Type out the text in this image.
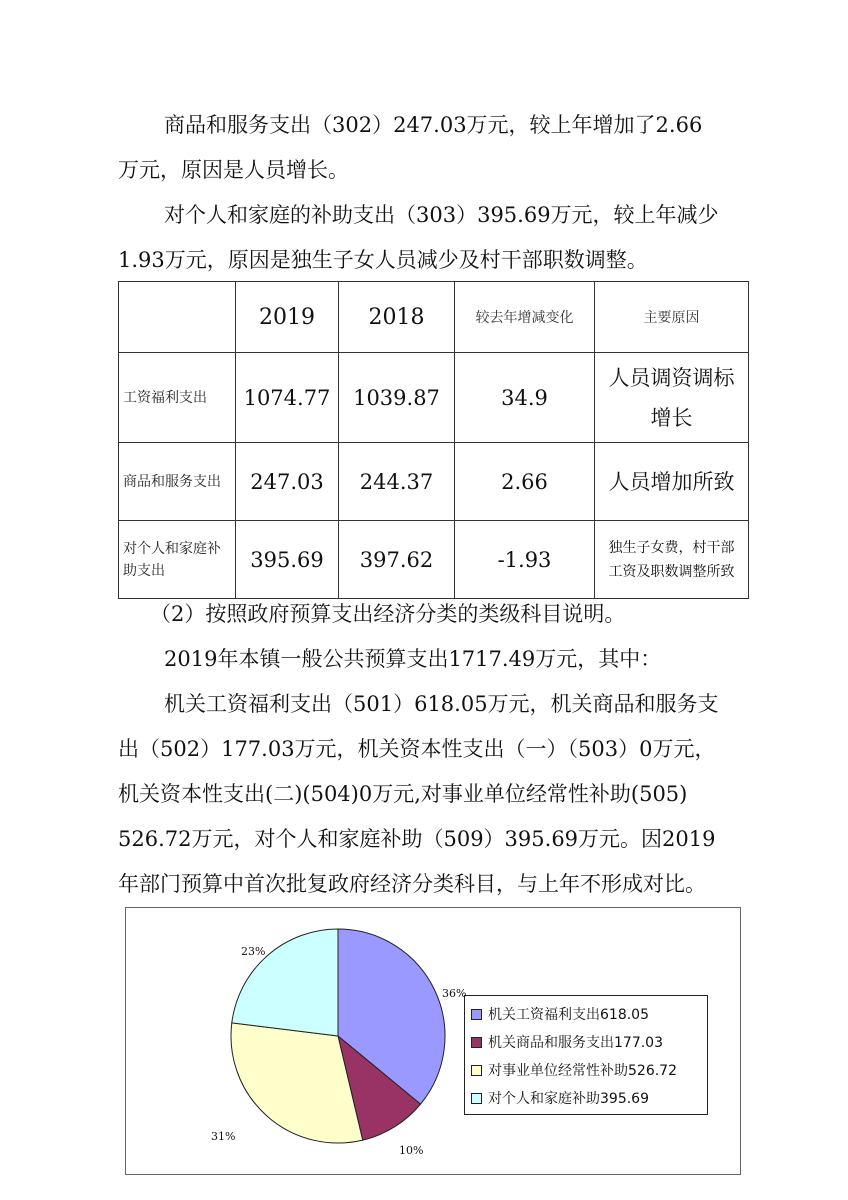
商品和服务支出（302）247.03万元，较上年增加了2.66

万元，原因是人员增长。

对个人和家庭的补助支出（303）395.69万元，较上年减少

1.93万元，原因是独生子女人员减少及村干部职数调整。

	2019	2018	较去年增减变化	主要原因
工资福利支出	1074.77	1039.87	34.9	人员调资调标
增长

商品和服务支出	247.03	244.37	2.66	人员增加所致

对个人和家庭补助支出	395.69	397.62	-1.93	独生子女费，村干部
工资及职数调整所致

（2）按照政府预算支出经济分类的类级科目说明。

2019年本镇一般公共预算支出1717.49万元，其中：

机关工资福利支出（501）618.05万元，机关商品和服务支

出（502）177.03万元，机关资本性支出（一）（503）0万元，

机关资本性支出(二)(504)0万元,对事业单位经常性补助(505)

526.72万元，对个人和家庭补助（509）395.69万元。因2019

年部门预算中首次批复政府经济分类科目，与上年不形成对比。

机关工资福利支出618.05
机关商品和服务支出177.03
对事业单位经常性补助526.72
对个人和家庭补助395.69
36%
10%
31%
23%
